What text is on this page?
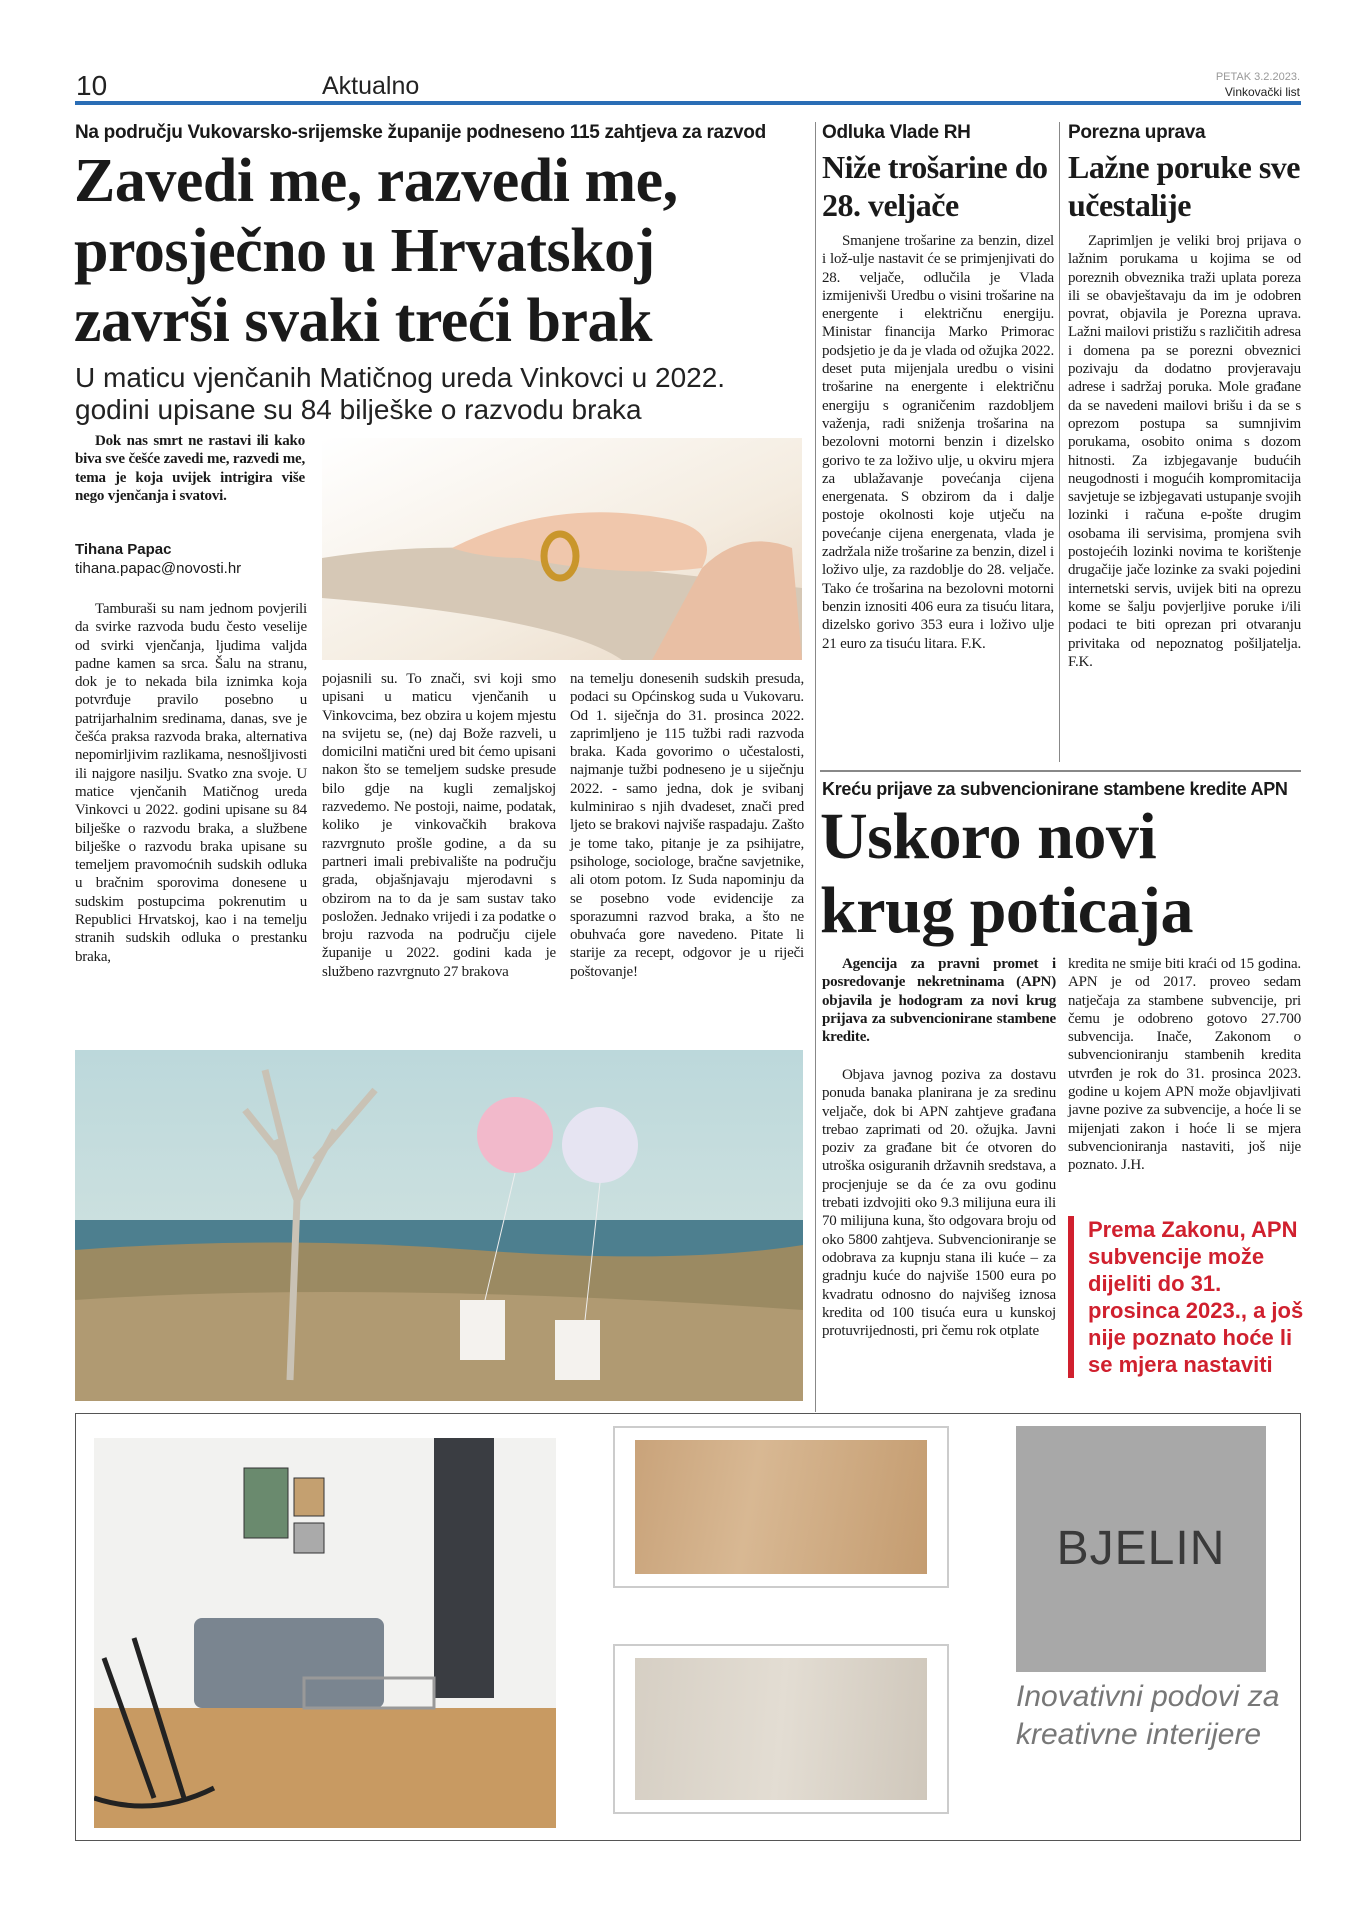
10	Aktualno	PETAK 3.2.2023.
Vinkovački list
Na području Vukovarsko-srijemske županije podneseno 115 zahtjeva za razvod
Zavedi me, razvedi me, prosječno u Hrvatskoj završi svaki treći brak
U maticu vjenčanih Matičnog ureda Vinkovci u 2022. godini upisane su 84 bilješke o razvodu braka
Dok nas smrt ne rastavi ili kako biva sve češće zavedi me, razvedi me, tema je koja uvijek intrigira više nego vjenčanja i svatovi.
Tihana Papac
tihana.papac@novosti.hr
Tamburaši su nam jednom povjerili da svirke razvoda budu često veselije od svirki vjenčanja, ljudima valjda padne kamen sa srca. Šalu na stranu, dok je to nekada bila iznimka koja potvrđuje pravilo posebno u patrijarhalnim sredinama, danas, sve je češća praksa razvoda braka, alternativa nepomirljivim razlikama, nesnošljivosti ili najgore nasilju. Svatko zna svoje. U matice vjenčanih Matičnog ureda Vinkovci u 2022. godini upisane su 84 bilješke o razvodu braka, a službene bilješke o razvodu braka upisane su temeljem pravomoćnih sudskih odluka u bračnim sporovima donesene u sudskim postupcima pokrenutim u Republici Hrvatskoj, kao i na temelju stranih sudskih odluka o prestanku braka,
pojasnili su. To znači, svi koji smo upisani u maticu vjenčanih u Vinkovcima, bez obzira u kojem mjestu na svijetu se, (ne) daj Bože razveli, u domicilni matični ured bit ćemo upisani nakon što se temeljem sudske presude bilo gdje na kugli zemaljskoj razvedemo. Ne postoji, naime, podatak, koliko je vinkovačkih brakova razvrgnuto prošle godine, a da su partneri imali prebivalište na području grada, objašnjavaju mjerodavni s obzirom na to da je sam sustav tako posložen. Jednako vrijedi i za podatke o broju razvoda na području cijele županije u 2022. godini kada je službeno razvrgnuto 27 brakova
na temelju donesenih sudskih presuda, podaci su Općinskog suda u Vukovaru. Od 1. siječnja do 31. prosinca 2022. zaprimljeno je 115 tužbi radi razvoda braka. Kada govorimo o učestalosti, najmanje tužbi podneseno je u siječnju 2022. - samo jedna, dok je svibanj kulminirao s njih dvadeset, znači pred ljeto se brakovi najviše raspadaju. Zašto je tome tako, pitanje je za psihijatre, psihologe, sociologe, bračne savjetnike, ali otom potom. Iz Suda napominju da se posebno vode evidencije za sporazumni razvod braka, a što ne obuhvaća gore navedeno. Pitate li starije za recept, odgovor je u riječi poštovanje!
Odluka Vlade RH
Niže trošarine do 28. veljače
Smanjene trošarine za benzin, dizel i lož-ulje nastavit će se primjenjivati do 28. veljače, odlučila je Vlada izmijenivši Uredbu o visini trošarine na energente i električnu energiju. Ministar financija Marko Primorac podsjetio je da je vlada od ožujka 2022. deset puta mijenjala uredbu o visini trošarine na energente i električnu energiju s ograničenim razdobljem važenja, radi sniženja trošarina na bezolovni motorni benzin i dizelsko gorivo te za loživo ulje, u okviru mjera za ublažavanje povećanja cijena energenata. S obzirom da i dalje postoje okolnosti koje utječu na povećanje cijena energenata, vlada je zadržala niže trošarine za benzin, dizel i loživo ulje, za razdoblje do 28. veljače. Tako će trošarina na bezolovni motorni benzin iznositi 406 eura za tisuću litara, dizelsko gorivo 353 eura i loživo ulje 21 euro za tisuću litara. F.K.
Porezna uprava
Lažne poruke sve učestalije
Zaprimljen je veliki broj prijava o lažnim porukama u kojima se od poreznih obveznika traži uplata poreza ili se obavještavaju da im je odobren povrat, objavila je Porezna uprava. Lažni mailovi pristižu s različitih adresa i domena pa se porezni obveznici pozivaju da dodatno provjeravaju adrese i sadržaj poruka. Mole građane da se navedeni mailovi brišu i da se s oprezom postupa sa sumnjivim porukama, osobito onima s dozom hitnosti. Za izbjegavanje budućih neugodnosti i mogućih kompromitacija savjetuje se izbjegavati ustupanje svojih lozinki i računa e-pošte drugim osobama ili servisima, promjena svih postojećih lozinki novima te korištenje drugačije jače lozinke za svaki pojedini internetski servis, uvijek biti na oprezu kome se šalju povjerljive poruke i/ili podaci te biti oprezan pri otvaranju privitaka od nepoznatog pošiljatelja. F.K.
Kreću prijave za subvencionirane stambene kredite APN
Uskoro novi krug poticaja
Agencija za pravni promet i posredovanje nekretninama (APN) objavila je hodogram za novi krug prijava za subvencionirane stambene kredite.
Objava javnog poziva za dostavu ponuda banaka planirana je za sredinu veljače, dok bi APN zahtjeve građana trebao zaprimati od 20. ožujka. Javni poziv za građane bit će otvoren do utroška osiguranih državnih sredstava, a procjenjuje se da će za ovu godinu trebati izdvojiti oko 9.3 milijuna eura ili 70 milijuna kuna, što odgovara broju od oko 5800 zahtjeva. Subvencioniranje se odobrava za kupnju stana ili kuće – za gradnju kuće do najviše 1500 eura po kvadratu odnosno do najvišeg iznosa kredita od 100 tisuća eura u kunskoj protuvrijednosti, pri čemu rok otplate
kredita ne smije biti kraći od 15 godina. APN je od 2017. proveo sedam natječaja za stambene subvencije, pri čemu je odobreno gotovo 27.700 subvencija. Inače, Zakonom o subvencioniranju stambenih kredita utvrđen je rok do 31. prosinca 2023. godine u kojem APN može objavljivati javne pozive za subvencije, a hoće li se mijenjati zakon i hoće li se mjera subvencioniranja nastaviti, još nije poznato. J.H.
Prema Zakonu, APN subvencije može dijeliti do 31. prosinca 2023., a još nije poznato hoće li se mjera nastaviti
BJELIN
Inovativni podovi za kreativne interijere
